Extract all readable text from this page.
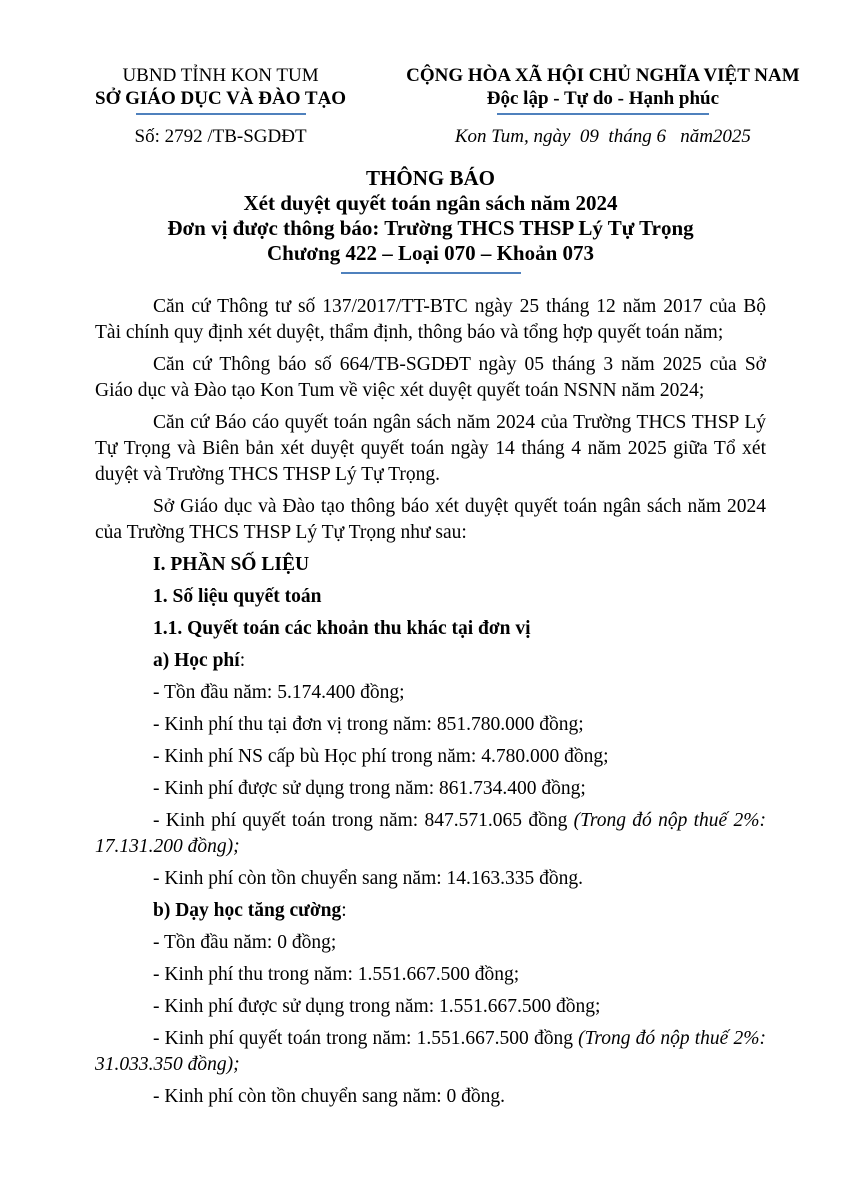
UBND TỈNH KON TUM
SỞ GIÁO DỤC VÀ ĐÀO TẠO
Số: 2792 /TB-SGDĐT
CỘNG HÒA XÃ HỘI CHỦ NGHĨA VIỆT NAM
Độc lập - Tự do - Hạnh phúc
Kon Tum, ngày  09  tháng 6   năm2025
THÔNG BÁO
Xét duyệt quyết toán ngân sách năm 2024
Đơn vị được thông báo: Trường THCS THSP Lý Tự Trọng
Chương 422 – Loại 070 – Khoản 073

Căn cứ Thông tư số 137/2017/TT-BTC ngày 25 tháng 12 năm 2017 của Bộ Tài chính quy định xét duyệt, thẩm định, thông báo và tổng hợp quyết toán năm;

Căn cứ Thông báo số 664/TB-SGDĐT ngày 05 tháng 3 năm 2025 của Sở Giáo dục và Đào tạo Kon Tum về việc xét duyệt quyết toán NSNN năm 2024;

Căn cứ Báo cáo quyết toán ngân sách năm 2024 của Trường THCS THSP Lý Tự Trọng và Biên bản xét duyệt quyết toán ngày 14 tháng 4 năm 2025 giữa Tổ xét duyệt và Trường THCS THSP Lý Tự Trọng.

Sở Giáo dục và Đào tạo thông báo xét duyệt quyết toán ngân sách năm 2024 của Trường THCS THSP Lý Tự Trọng như sau:

I. PHẦN SỐ LIỆU

1. Số liệu quyết toán

1.1. Quyết toán các khoản thu khác tại đơn vị

a) Học phí:

- Tồn đầu năm: 5.174.400 đồng;

- Kinh phí thu tại đơn vị trong năm: 851.780.000 đồng;

- Kinh phí NS cấp bù Học phí trong năm: 4.780.000 đồng;

- Kinh phí được sử dụng trong năm: 861.734.400 đồng;

- Kinh phí quyết toán trong năm: 847.571.065 đồng (Trong đó nộp thuế 2%: 17.131.200 đồng);

- Kinh phí còn tồn chuyển sang năm: 14.163.335 đồng.

b) Dạy học tăng cường:

- Tồn đầu năm: 0 đồng;

- Kinh phí thu trong năm: 1.551.667.500 đồng;

- Kinh phí được sử dụng trong năm: 1.551.667.500 đồng;

- Kinh phí quyết toán trong năm: 1.551.667.500 đồng (Trong đó nộp thuế 2%: 31.033.350 đồng);

- Kinh phí còn tồn chuyển sang năm: 0 đồng.
